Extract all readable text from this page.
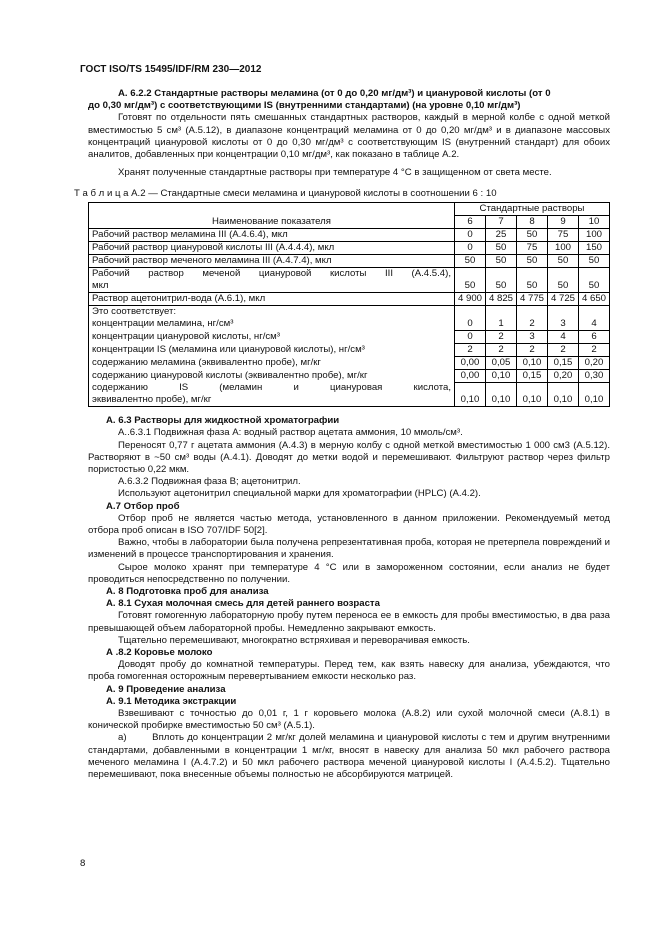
ГОСТ ISO/TS 15495/IDF/RM 230—2012

А. 6.2.2 Стандартные растворы меламина (от 0 до 0,20 мг/дм³) и циануровой кислоты (от 0

до 0,30 мг/дм³) с соответствующими IS (внутренними стандартами) (на уровне 0,10 мг/дм³)

Готовят по отдельности пять смешанных стандартных растворов, каждый в мерной колбе с одной меткой вместимостью 5 см³ (А.5.12), в диапазоне концентраций меламина от 0 до 0,20 мг/дм³ и в диапазоне массовых концентраций циануровой кислоты от 0 до 0,30 мг/дм³ с соответствующим IS (внутренний стандарт) для обоих аналитов, добавленных при концентрации 0,10 мг/дм³, как показано в таблице А.2.

Хранят полученные стандартные растворы при температуре 4 °С в защищенном от света месте.

Т а б л и ц а А.2 — Стандартные смеси меламина и циануровой кислоты в соотношении 6 : 10
Наименование показателя	Стандартные растворы				
	6	7	8	9	10
Рабочий раствор меламина III (А.4.6.4), мкл	0	25	50	75	100
Рабочий раствор циануровой кислоты III (А.4.4.4), мкл	0	50	75	100	150
Рабочий раствор меченого меламина III (А.4.7.4), мкл	50	50	50	50	50

Рабочий раствор меченой циануровой кислоты III (А.4.5.4),
мкл	50	50	50	50	50
Раствор ацетонитрил-вода (А.6.1), мкл	4 900	4 825	4 775	4 725	4 650
Это соответствует:					
концентрации меламина, нг/см³	0	1	2	3	4
концентрации циануровой кислоты, нг/см³	0	2	3	4	6
концентрации IS (меламина или циануровой кислоты), нг/см³	2	2	2	2	2
содержанию меламина (эквивалентно пробе), мг/кг	0,00	0,05	0,10	0,15	0,20
содержанию циануровой кислоты (эквивалентно пробе), мг/кг	0,00	0,10	0,15	0,20	0,30

содержанию IS (меламин и циануровая кислота,
эквивалентно пробе), мг/кг	0,10	0,10	0,10	0,10	0,10

А. 6.3 Растворы для жидкостной хроматографии

А..6.3.1 Подвижная фаза А: водный раствор ацетата аммония, 10 ммоль/см³.

Переносят 0,77 г ацетата аммония (А.4.3) в мерную колбу с одной меткой вместимостью 1 000 см3 (А.5.12). Растворяют в ~50 см³ воды (А.4.1). Доводят до метки водой и перемешивают. Фильтруют раствор через фильтр пористостью 0,22 мкм.

А.6.3.2 Подвижная фаза В; ацетонитрил.

Используют ацетонитрил специальной марки для хроматографии (HPLC) (А.4.2).

А.7 Отбор проб

Отбор проб не является частью метода, установленного в данном приложении. Рекомендуемый метод отбора проб описан в ISO 707/IDF 50[2].

Важно, чтобы в лаборатории была получена репрезентативная проба, которая не претерпела повреждений и изменений в процессе транспортирования и хранения.

Сырое молоко хранят при температуре 4 °С или в замороженном состоянии, если анализ не будет проводиться непосредственно по получении.

А. 8 Подготовка проб для анализа

А. 8.1 Сухая молочная смесь для детей раннего возраста

Готовят гомогенную лабораторную пробу путем переноса ее в емкость для пробы вместимостью, в два раза превышающей объем лабораторной пробы. Немедленно закрывают емкость.

Тщательно перемешивают, многократно встряхивая и переворачивая емкость.

А .8.2 Коровье молоко

Доводят пробу до комнатной температуры. Перед тем, как взять навеску для анализа, убеждаются, что проба гомогенная осторожным перевертыванием емкости несколько раз.

А. 9 Проведение анализа

А. 9.1 Методика экстракции

Взвешивают с точностью до 0,01 г, 1 г коровьего молока (А.8.2) или сухой молочной смеси (А.8.1) в конической пробирке вместимостью 50 см³ (А.5.1).

а)        Вплоть до концентрации 2 мг/кг долей меламина и циануровой кислоты с тем и другим внутренними стандартами, добавленными в концентрации 1 мг/кг, вносят в навеску для анализа 50 мкл рабочего раствора меченого меламина I (А.4.7.2) и 50 мкл рабочего раствора меченой циануровой кислоты I (А.4.5.2). Тщательно перемешивают, пока внесенные объемы полностью не абсорбируются матрицей.

8
